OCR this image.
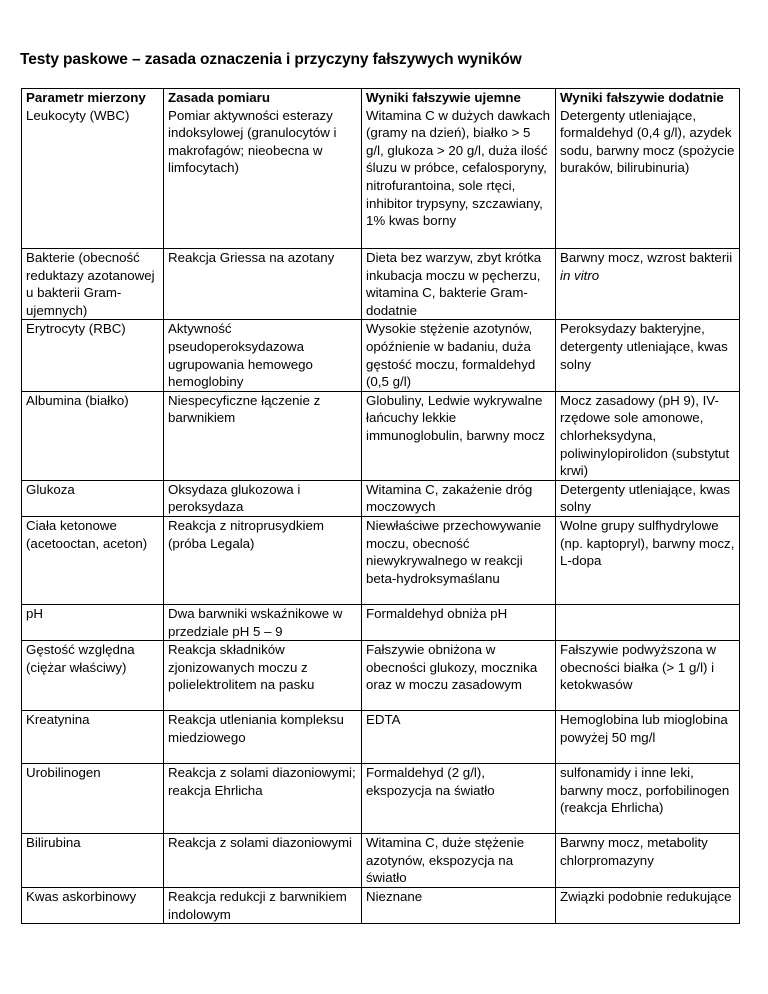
Testy paskowe – zasada oznaczenia i przyczyny fałszywych wyników
Parametr mierzony	Zasada pomiaru	Wyniki fałszywie ujemne	Wyniki fałszywie dodatnie
Leukocyty (WBC)	Pomiar aktywności esterazy indoksylowej (granulocytów i makrofagów; nieobecna w limfocytach)	Witamina C w dużych dawkach (gramy na dzień), białko > 5 g/l, glukoza > 20 g/l, duża ilość śluzu w próbce, cefalosporyny, nitrofurantoina, sole rtęci, inhibitor trypsyny, szczawiany, 1% kwas borny	Detergenty utleniające, formaldehyd (0,4 g/l), azydek sodu, barwny mocz (spożycie buraków, bilirubinuria)
Bakterie (obecność reduktazy azotanowej u bakterii Gram-ujemnych)	Reakcja Griessa na azotany	Dieta bez warzyw, zbyt krótka inkubacja moczu w pęcherzu, witamina C, bakterie Gram-dodatnie	Barwny mocz, wzrost bakterii in vitro
Erytrocyty (RBC)	Aktywność pseudoperoksydazowa ugrupowania hemowego hemoglobiny	Wysokie stężenie azotynów, opóźnienie w badaniu, duża gęstość moczu, formaldehyd (0,5 g/l)	Peroksydazy bakteryjne, detergenty utleniające, kwas solny
Albumina (białko)	Niespecyficzne łączenie z barwnikiem	Globuliny, Ledwie wykrywalne łańcuchy lekkie immunoglobulin, barwny mocz	Mocz zasadowy (pH 9), IV-rzędowe sole amonowe, chlorheksydyna, poliwinylopirolidon (substytut krwi)
Glukoza	Oksydaza glukozowa i peroksydaza	Witamina C, zakażenie dróg moczowych	Detergenty utleniające, kwas solny
Ciała ketonowe (acetooctan, aceton)	Reakcja z nitroprusydkiem (próba Legala)	Niewłaściwe przechowywanie moczu, obecność niewykrywalnego w reakcji beta-hydroksymaślanu	Wolne grupy sulfhydrylowe (np. kaptopryl), barwny mocz, L-dopa
pH	Dwa barwniki wskaźnikowe w przedziale pH 5 – 9	Formaldehyd obniża pH	
Gęstość względna (ciężar właściwy)	Reakcja składników zjonizowanych moczu z polielektrolitem na pasku	Fałszywie obniżona w obecności glukozy, mocznika oraz w moczu zasadowym	Fałszywie podwyższona w obecności białka (> 1 g/l) i ketokwasów
Kreatynina	Reakcja utleniania kompleksu miedziowego	EDTA	Hemoglobina lub mioglobina powyżej 50 mg/l
Urobilinogen	Reakcja z solami diazoniowymi; reakcja Ehrlicha	Formaldehyd (2 g/l), ekspozycja na światło	sulfonamidy i inne leki, barwny mocz, porfobilinogen (reakcja Ehrlicha)
Bilirubina	Reakcja z solami diazoniowymi	Witamina C, duże stężenie azotynów, ekspozycja na światło	Barwny mocz, metabolity chlorpromazyny
Kwas askorbinowy	Reakcja redukcji z barwnikiem indolowym	Nieznane	Związki podobnie redukujące
